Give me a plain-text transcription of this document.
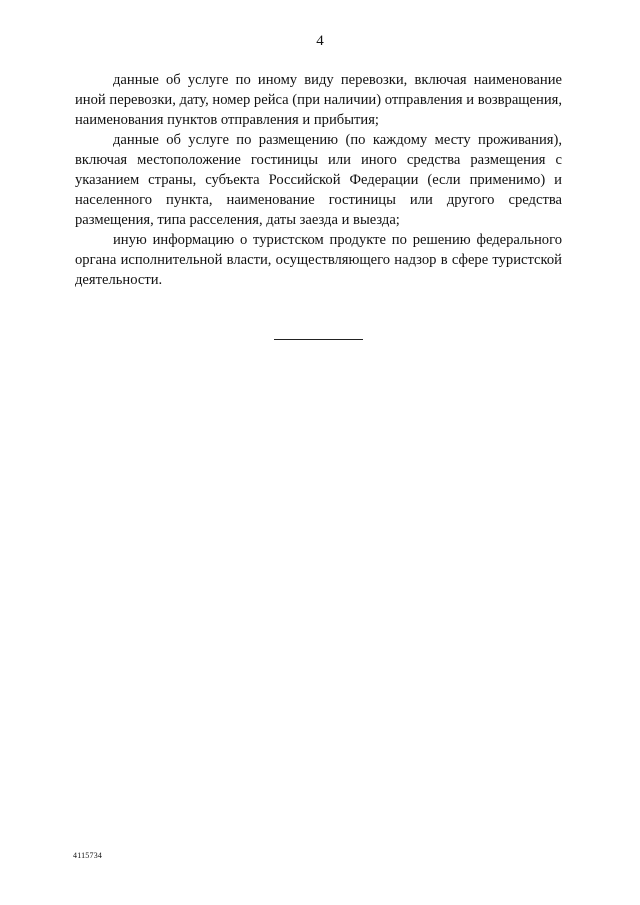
4

данные об услуге по иному виду перевозки, включая наименование иной перевозки, дату, номер рейса (при наличии) отправления и возвращения, наименования пунктов отправления и прибытия;

данные об услуге по размещению (по каждому месту проживания), включая местоположение гостиницы или иного средства размещения с указанием страны, субъекта Российской Федерации (если применимо) и населенного пункта, наименование гостиницы или другого средства размещения, типа расселения, даты заезда и выезда;

иную информацию о туристском продукте по решению федерального органа исполнительной власти, осуществляющего надзор в сфере туристской деятельности.

4115734
